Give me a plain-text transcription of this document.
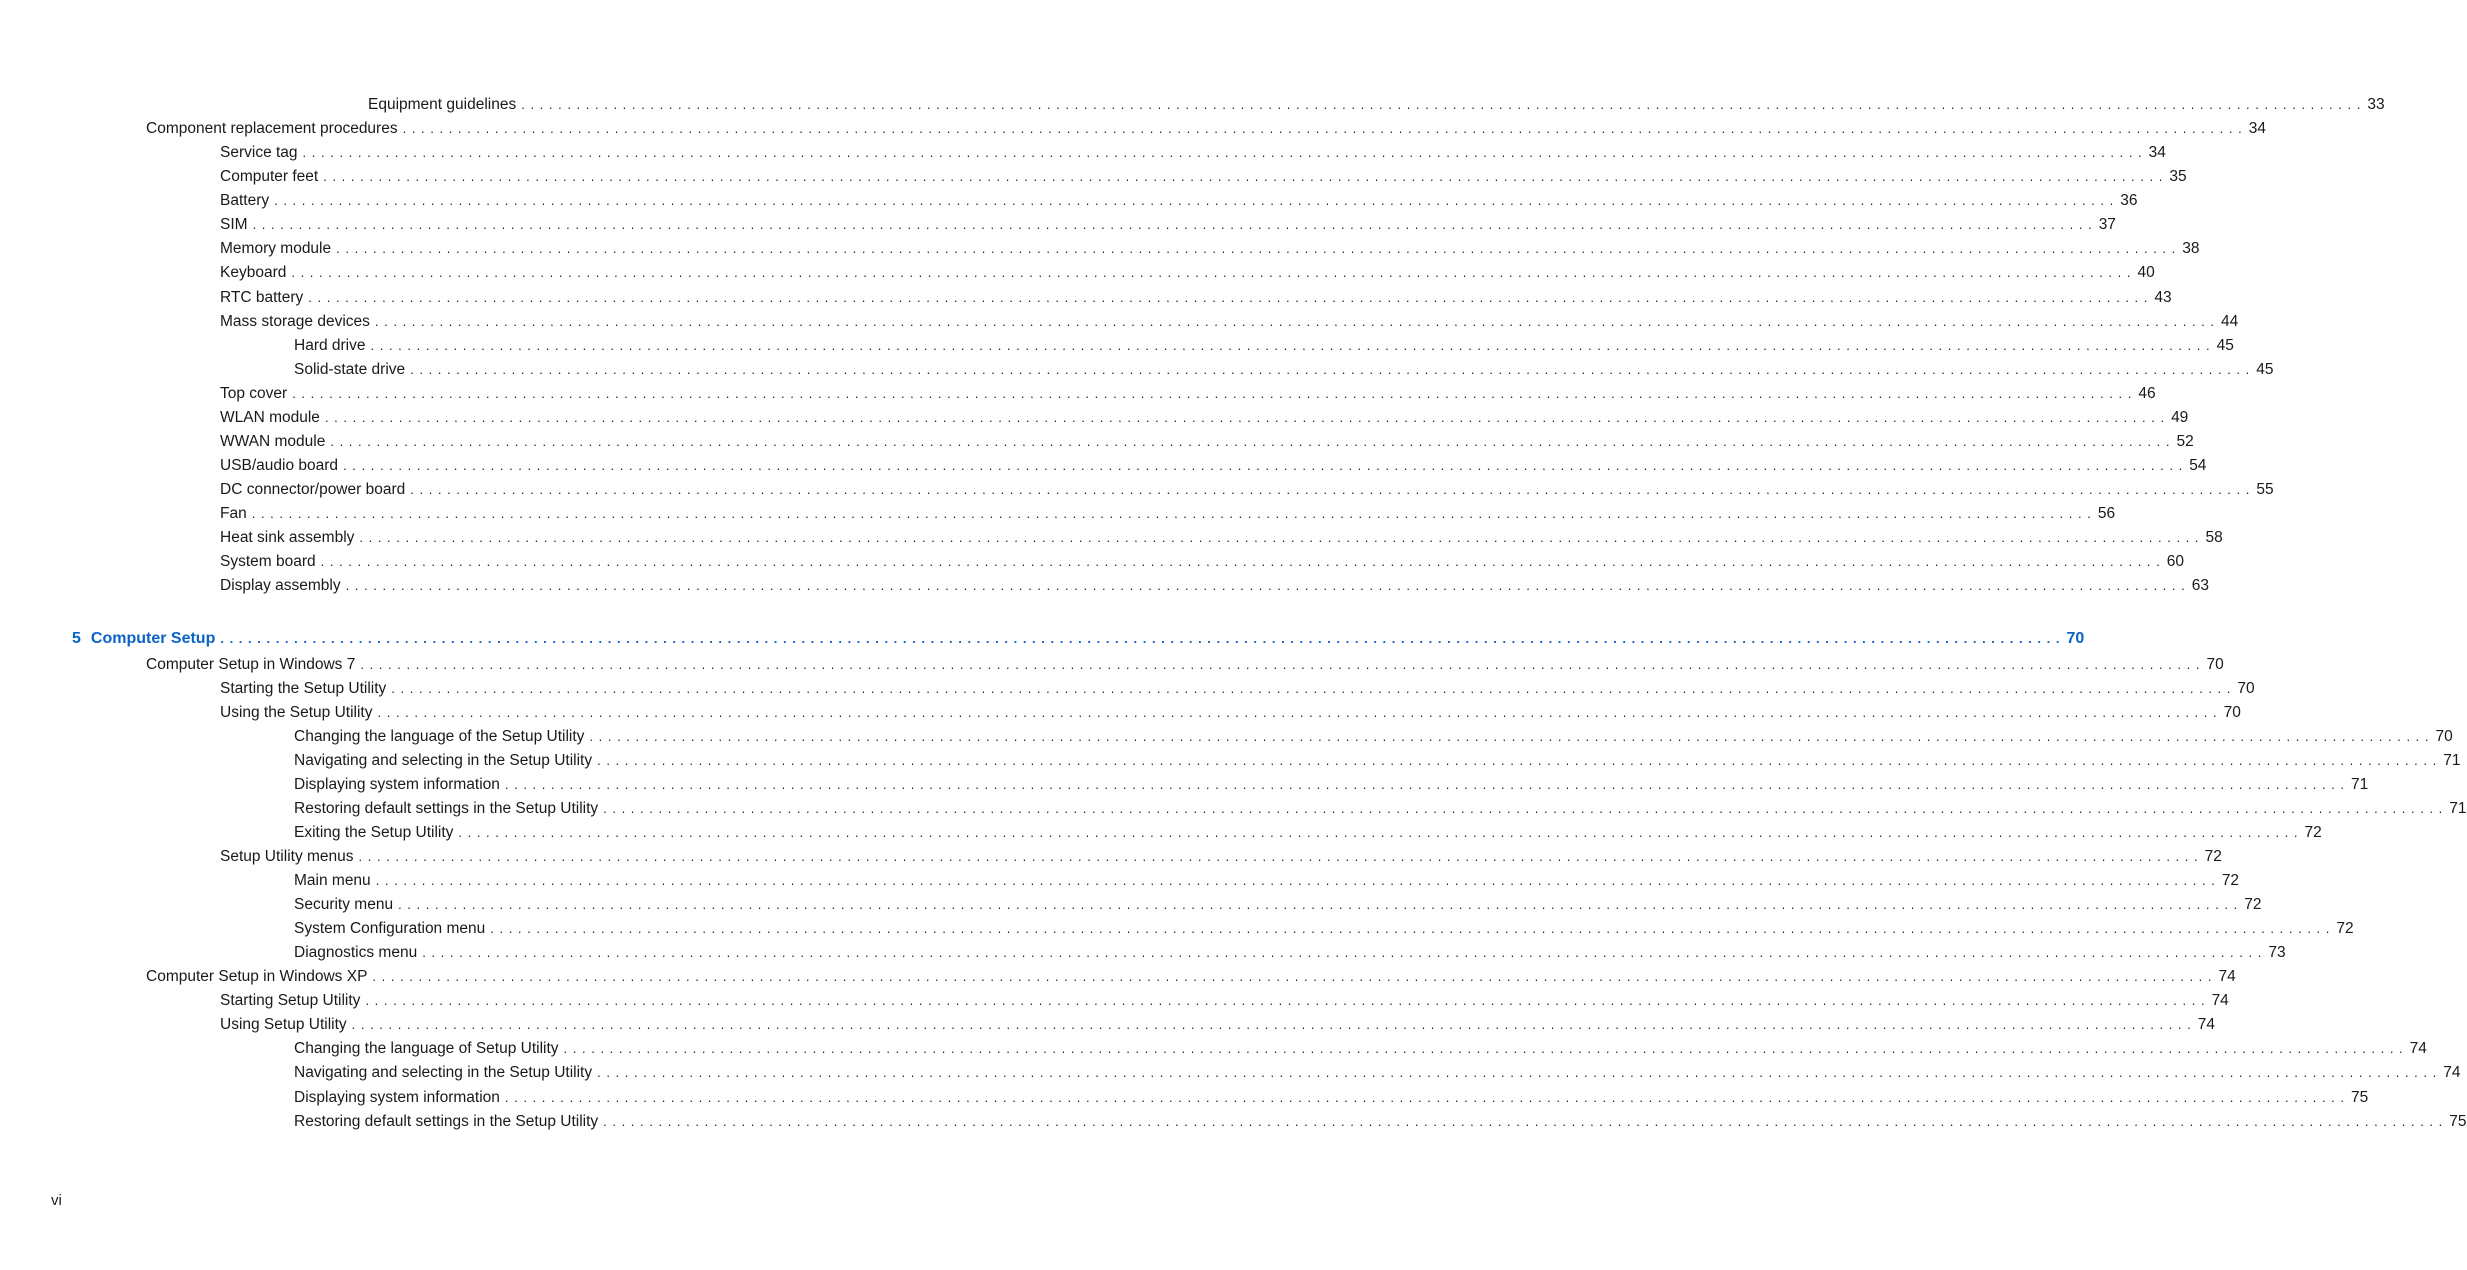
Equipment guidelines . . . . . . . . . . . . . . . . . . . . . . . . . . . . . . . . . . . . . . . . . . . . . . . . . . . . . . . . . . . . . . . . . . . . . . . . . . . . . . . . . . . . . . . . . . . . . . . . . . . . . . . . . . . . . . . . . . . . . . . . . . . . . . . . . . . . . . . . . . . . . . . . . . . . . . . . . . . . . . . . . . . . . . . . . . . . . . . . . . . . . . . . . . . . . . . . . . . . . . . . 33
Component replacement procedures . . . . . . . . . . . . . . . . . . . . . . . . . . . . . . . . . . . . . . . . . . . . . . . . . . . . . . . . . . . . . . . . . . . . . . . . . . . . . . . . . . . . . . . . . . . . . . . . . . . . . . . . . . . . . . . . . . . . . . . . . . . . . . . . . . . . . . . . . . . . . . . . . . . . . . . . . . . . . . . . . . . . . . . . . . . . . . . . . . . . . . . . . . . . . . . . . . . . . . . . 34
Service tag . . . . . . . . . . . . . . . . . . . . . . . . . . . . . . . . . . . . . . . . . . . . . . . . . . . . . . . . . . . . . . . . . . . . . . . . . . . . . . . . . . . . . . . . . . . . . . . . . . . . . . . . . . . . . . . . . . . . . . . . . . . . . . . . . . . . . . . . . . . . . . . . . . . . . . . . . . . . . . . . . . . . . . . . . . . . . . . . . . . . . . . . . . . . . . . . . . . . . . . . 34
Computer feet . . . . . . . . . . . . . . . . . . . . . . . . . . . . . . . . . . . . . . . . . . . . . . . . . . . . . . . . . . . . . . . . . . . . . . . . . . . . . . . . . . . . . . . . . . . . . . . . . . . . . . . . . . . . . . . . . . . . . . . . . . . . . . . . . . . . . . . . . . . . . . . . . . . . . . . . . . . . . . . . . . . . . . . . . . . . . . . . . . . . . . . . . . . . . . . . . . . . . . . . 35
Battery . . . . . . . . . . . . . . . . . . . . . . . . . . . . . . . . . . . . . . . . . . . . . . . . . . . . . . . . . . . . . . . . . . . . . . . . . . . . . . . . . . . . . . . . . . . . . . . . . . . . . . . . . . . . . . . . . . . . . . . . . . . . . . . . . . . . . . . . . . . . . . . . . . . . . . . . . . . . . . . . . . . . . . . . . . . . . . . . . . . . . . . . . . . . . . . . . . . . . . . . 36
SIM . . . . . . . . . . . . . . . . . . . . . . . . . . . . . . . . . . . . . . . . . . . . . . . . . . . . . . . . . . . . . . . . . . . . . . . . . . . . . . . . . . . . . . . . . . . . . . . . . . . . . . . . . . . . . . . . . . . . . . . . . . . . . . . . . . . . . . . . . . . . . . . . . . . . . . . . . . . . . . . . . . . . . . . . . . . . . . . . . . . . . . . . . . . . . . . . . . . . . . . . 37
Memory module . . . . . . . . . . . . . . . . . . . . . . . . . . . . . . . . . . . . . . . . . . . . . . . . . . . . . . . . . . . . . . . . . . . . . . . . . . . . . . . . . . . . . . . . . . . . . . . . . . . . . . . . . . . . . . . . . . . . . . . . . . . . . . . . . . . . . . . . . . . . . . . . . . . . . . . . . . . . . . . . . . . . . . . . . . . . . . . . . . . . . . . . . . . . . . . . . . . . . . . . 38
Keyboard . . . . . . . . . . . . . . . . . . . . . . . . . . . . . . . . . . . . . . . . . . . . . . . . . . . . . . . . . . . . . . . . . . . . . . . . . . . . . . . . . . . . . . . . . . . . . . . . . . . . . . . . . . . . . . . . . . . . . . . . . . . . . . . . . . . . . . . . . . . . . . . . . . . . . . . . . . . . . . . . . . . . . . . . . . . . . . . . . . . . . . . . . . . . . . . . . . . . . . . . 40
RTC battery . . . . . . . . . . . . . . . . . . . . . . . . . . . . . . . . . . . . . . . . . . . . . . . . . . . . . . . . . . . . . . . . . . . . . . . . . . . . . . . . . . . . . . . . . . . . . . . . . . . . . . . . . . . . . . . . . . . . . . . . . . . . . . . . . . . . . . . . . . . . . . . . . . . . . . . . . . . . . . . . . . . . . . . . . . . . . . . . . . . . . . . . . . . . . . . . . . . . . . . . 43
Mass storage devices . . . . . . . . . . . . . . . . . . . . . . . . . . . . . . . . . . . . . . . . . . . . . . . . . . . . . . . . . . . . . . . . . . . . . . . . . . . . . . . . . . . . . . . . . . . . . . . . . . . . . . . . . . . . . . . . . . . . . . . . . . . . . . . . . . . . . . . . . . . . . . . . . . . . . . . . . . . . . . . . . . . . . . . . . . . . . . . . . . . . . . . . . . . . . . . . . . . . . . . . 44
Hard drive . . . . . . . . . . . . . . . . . . . . . . . . . . . . . . . . . . . . . . . . . . . . . . . . . . . . . . . . . . . . . . . . . . . . . . . . . . . . . . . . . . . . . . . . . . . . . . . . . . . . . . . . . . . . . . . . . . . . . . . . . . . . . . . . . . . . . . . . . . . . . . . . . . . . . . . . . . . . . . . . . . . . . . . . . . . . . . . . . . . . . . . . . . . . . . . . . . . . . . . . 45
Solid-state drive . . . . . . . . . . . . . . . . . . . . . . . . . . . . . . . . . . . . . . . . . . . . . . . . . . . . . . . . . . . . . . . . . . . . . . . . . . . . . . . . . . . . . . . . . . . . . . . . . . . . . . . . . . . . . . . . . . . . . . . . . . . . . . . . . . . . . . . . . . . . . . . . . . . . . . . . . . . . . . . . . . . . . . . . . . . . . . . . . . . . . . . . . . . . . . . . . . . . . . . . 45
Top cover . . . . . . . . . . . . . . . . . . . . . . . . . . . . . . . . . . . . . . . . . . . . . . . . . . . . . . . . . . . . . . . . . . . . . . . . . . . . . . . . . . . . . . . . . . . . . . . . . . . . . . . . . . . . . . . . . . . . . . . . . . . . . . . . . . . . . . . . . . . . . . . . . . . . . . . . . . . . . . . . . . . . . . . . . . . . . . . . . . . . . . . . . . . . . . . . . . . . . . . . 46
WLAN module . . . . . . . . . . . . . . . . . . . . . . . . . . . . . . . . . . . . . . . . . . . . . . . . . . . . . . . . . . . . . . . . . . . . . . . . . . . . . . . . . . . . . . . . . . . . . . . . . . . . . . . . . . . . . . . . . . . . . . . . . . . . . . . . . . . . . . . . . . . . . . . . . . . . . . . . . . . . . . . . . . . . . . . . . . . . . . . . . . . . . . . . . . . . . . . . . . . . . . . . 49
WWAN module . . . . . . . . . . . . . . . . . . . . . . . . . . . . . . . . . . . . . . . . . . . . . . . . . . . . . . . . . . . . . . . . . . . . . . . . . . . . . . . . . . . . . . . . . . . . . . . . . . . . . . . . . . . . . . . . . . . . . . . . . . . . . . . . . . . . . . . . . . . . . . . . . . . . . . . . . . . . . . . . . . . . . . . . . . . . . . . . . . . . . . . . . . . . . . . . . . . . . . . . 52
USB/audio board . . . . . . . . . . . . . . . . . . . . . . . . . . . . . . . . . . . . . . . . . . . . . . . . . . . . . . . . . . . . . . . . . . . . . . . . . . . . . . . . . . . . . . . . . . . . . . . . . . . . . . . . . . . . . . . . . . . . . . . . . . . . . . . . . . . . . . . . . . . . . . . . . . . . . . . . . . . . . . . . . . . . . . . . . . . . . . . . . . . . . . . . . . . . . . . . . . . . . . . . 54
DC connector/power board . . . . . . . . . . . . . . . . . . . . . . . . . . . . . . . . . . . . . . . . . . . . . . . . . . . . . . . . . . . . . . . . . . . . . . . . . . . . . . . . . . . . . . . . . . . . . . . . . . . . . . . . . . . . . . . . . . . . . . . . . . . . . . . . . . . . . . . . . . . . . . . . . . . . . . . . . . . . . . . . . . . . . . . . . . . . . . . . . . . . . . . . . . . . . . . . . . . . . . . . 55
Fan . . . . . . . . . . . . . . . . . . . . . . . . . . . . . . . . . . . . . . . . . . . . . . . . . . . . . . . . . . . . . . . . . . . . . . . . . . . . . . . . . . . . . . . . . . . . . . . . . . . . . . . . . . . . . . . . . . . . . . . . . . . . . . . . . . . . . . . . . . . . . . . . . . . . . . . . . . . . . . . . . . . . . . . . . . . . . . . . . . . . . . . . . . . . . . . . . . . . . . . . 56
Heat sink assembly . . . . . . . . . . . . . . . . . . . . . . . . . . . . . . . . . . . . . . . . . . . . . . . . . . . . . . . . . . . . . . . . . . . . . . . . . . . . . . . . . . . . . . . . . . . . . . . . . . . . . . . . . . . . . . . . . . . . . . . . . . . . . . . . . . . . . . . . . . . . . . . . . . . . . . . . . . . . . . . . . . . . . . . . . . . . . . . . . . . . . . . . . . . . . . . . . . . . . . . . 58
System board . . . . . . . . . . . . . . . . . . . . . . . . . . . . . . . . . . . . . . . . . . . . . . . . . . . . . . . . . . . . . . . . . . . . . . . . . . . . . . . . . . . . . . . . . . . . . . . . . . . . . . . . . . . . . . . . . . . . . . . . . . . . . . . . . . . . . . . . . . . . . . . . . . . . . . . . . . . . . . . . . . . . . . . . . . . . . . . . . . . . . . . . . . . . . . . . . . . . . . . . 60
Display assembly . . . . . . . . . . . . . . . . . . . . . . . . . . . . . . . . . . . . . . . . . . . . . . . . . . . . . . . . . . . . . . . . . . . . . . . . . . . . . . . . . . . . . . . . . . . . . . . . . . . . . . . . . . . . . . . . . . . . . . . . . . . . . . . . . . . . . . . . . . . . . . . . . . . . . . . . . . . . . . . . . . . . . . . . . . . . . . . . . . . . . . . . . . . . . . . . . . . . . . . . 63
5 Computer Setup . . . . . . . . . . . . . . . . . . . . . . . . . . . . . . . . . . . . . . . . . . . . . . . . . . . . . . . . . . . . . . . . . . . . . . . . . . . . . . . . . . . . . . . . . . . . . . . . . . . . . . . . . . . . . . . . . . . . . . . . . . . . . . . . . . . . . . . . . . . . . . . . . . . . . . . . . . . . . . . . . . . . . . . . . . . . . . . . . . . . . . . . . . . . . . . . . . . . . . . . 70
Computer Setup in Windows 7 . . . . . . . . . . . . . . . . . . . . . . . . . . . . . . . . . . . . . . . . . . . . . . . . . . . . . . . . . . . . . . . . . . . . . . . . . . . . . . . . . . . . . . . . . . . . . . . . . . . . . . . . . . . . . . . . . . . . . . . . . . . . . . . . . . . . . . . . . . . . . . . . . . . . . . . . . . . . . . . . . . . . . . . . . . . . . . . . . . . . . . . . . . . . . . . . . . . . . . . . 70
Starting the Setup Utility . . . . . . . . . . . . . . . . . . . . . . . . . . . . . . . . . . . . . . . . . . . . . . . . . . . . . . . . . . . . . . . . . . . . . . . . . . . . . . . . . . . . . . . . . . . . . . . . . . . . . . . . . . . . . . . . . . . . . . . . . . . . . . . . . . . . . . . . . . . . . . . . . . . . . . . . . . . . . . . . . . . . . . . . . . . . . . . . . . . . . . . . . . . . . . . . . . . . . . . . 70
Using the Setup Utility . . . . . . . . . . . . . . . . . . . . . . . . . . . . . . . . . . . . . . . . . . . . . . . . . . . . . . . . . . . . . . . . . . . . . . . . . . . . . . . . . . . . . . . . . . . . . . . . . . . . . . . . . . . . . . . . . . . . . . . . . . . . . . . . . . . . . . . . . . . . . . . . . . . . . . . . . . . . . . . . . . . . . . . . . . . . . . . . . . . . . . . . . . . . . . . . . . . . . . . . 70
Changing the language of the Setup Utility . . . . . . . . . . . . . . . . . . . . . . . . . . . . . . . . . . . . . . . . . . . . . . . . . . . . . . . . . . . . . . . . . . . . . . . . . . . . . . . . . . . . . . . . . . . . . . . . . . . . . . . . . . . . . . . . . . . . . . . . . . . . . . . . . . . . . . . . . . . . . . . . . . . . . . . . . . . . . . . . . . . . . . . . . . . . . . . . . . . . . . . . . . . . . . . . . . . . . . . . 70
Navigating and selecting in the Setup Utility . . . . . . . . . . . . . . . . . . . . . . . . . . . . . . . . . . . . . . . . . . . . . . . . . . . . . . . . . . . . . . . . . . . . . . . . . . . . . . . . . . . . . . . . . . . . . . . . . . . . . . . . . . . . . . . . . . . . . . . . . . . . . . . . . . . . . . . . . . . . . . . . . . . . . . . . . . . . . . . . . . . . . . . . . . . . . . . . . . . . . . . . . . . . . . . . . . . . . . . . 71
Displaying system information . . . . . . . . . . . . . . . . . . . . . . . . . . . . . . . . . . . . . . . . . . . . . . . . . . . . . . . . . . . . . . . . . . . . . . . . . . . . . . . . . . . . . . . . . . . . . . . . . . . . . . . . . . . . . . . . . . . . . . . . . . . . . . . . . . . . . . . . . . . . . . . . . . . . . . . . . . . . . . . . . . . . . . . . . . . . . . . . . . . . . . . . . . . . . . . . . . . . . . . . 71
Restoring default settings in the Setup Utility . . . . . . . . . . . . . . . . . . . . . . . . . . . . . . . . . . . . . . . . . . . . . . . . . . . . . . . . . . . . . . . . . . . . . . . . . . . . . . . . . . . . . . . . . . . . . . . . . . . . . . . . . . . . . . . . . . . . . . . . . . . . . . . . . . . . . . . . . . . . . . . . . . . . . . . . . . . . . . . . . . . . . . . . . . . . . . . . . . . . . . . . . . . . . . . . . . . . . . . . 71
Exiting the Setup Utility . . . . . . . . . . . . . . . . . . . . . . . . . . . . . . . . . . . . . . . . . . . . . . . . . . . . . . . . . . . . . . . . . . . . . . . . . . . . . . . . . . . . . . . . . . . . . . . . . . . . . . . . . . . . . . . . . . . . . . . . . . . . . . . . . . . . . . . . . . . . . . . . . . . . . . . . . . . . . . . . . . . . . . . . . . . . . . . . . . . . . . . . . . . . . . . . . . . . . . . . 72
Setup Utility menus . . . . . . . . . . . . . . . . . . . . . . . . . . . . . . . . . . . . . . . . . . . . . . . . . . . . . . . . . . . . . . . . . . . . . . . . . . . . . . . . . . . . . . . . . . . . . . . . . . . . . . . . . . . . . . . . . . . . . . . . . . . . . . . . . . . . . . . . . . . . . . . . . . . . . . . . . . . . . . . . . . . . . . . . . . . . . . . . . . . . . . . . . . . . . . . . . . . . . . . . 72
Main menu . . . . . . . . . . . . . . . . . . . . . . . . . . . . . . . . . . . . . . . . . . . . . . . . . . . . . . . . . . . . . . . . . . . . . . . . . . . . . . . . . . . . . . . . . . . . . . . . . . . . . . . . . . . . . . . . . . . . . . . . . . . . . . . . . . . . . . . . . . . . . . . . . . . . . . . . . . . . . . . . . . . . . . . . . . . . . . . . . . . . . . . . . . . . . . . . . . . . . . . . 72
Security menu . . . . . . . . . . . . . . . . . . . . . . . . . . . . . . . . . . . . . . . . . . . . . . . . . . . . . . . . . . . . . . . . . . . . . . . . . . . . . . . . . . . . . . . . . . . . . . . . . . . . . . . . . . . . . . . . . . . . . . . . . . . . . . . . . . . . . . . . . . . . . . . . . . . . . . . . . . . . . . . . . . . . . . . . . . . . . . . . . . . . . . . . . . . . . . . . . . . . . . . . 72
System Configuration menu . . . . . . . . . . . . . . . . . . . . . . . . . . . . . . . . . . . . . . . . . . . . . . . . . . . . . . . . . . . . . . . . . . . . . . . . . . . . . . . . . . . . . . . . . . . . . . . . . . . . . . . . . . . . . . . . . . . . . . . . . . . . . . . . . . . . . . . . . . . . . . . . . . . . . . . . . . . . . . . . . . . . . . . . . . . . . . . . . . . . . . . . . . . . . . . . . . . . . . . . 72
Diagnostics menu . . . . . . . . . . . . . . . . . . . . . . . . . . . . . . . . . . . . . . . . . . . . . . . . . . . . . . . . . . . . . . . . . . . . . . . . . . . . . . . . . . . . . . . . . . . . . . . . . . . . . . . . . . . . . . . . . . . . . . . . . . . . . . . . . . . . . . . . . . . . . . . . . . . . . . . . . . . . . . . . . . . . . . . . . . . . . . . . . . . . . . . . . . . . . . . . . . . . . . . . 73
Computer Setup in Windows XP . . . . . . . . . . . . . . . . . . . . . . . . . . . . . . . . . . . . . . . . . . . . . . . . . . . . . . . . . . . . . . . . . . . . . . . . . . . . . . . . . . . . . . . . . . . . . . . . . . . . . . . . . . . . . . . . . . . . . . . . . . . . . . . . . . . . . . . . . . . . . . . . . . . . . . . . . . . . . . . . . . . . . . . . . . . . . . . . . . . . . . . . . . . . . . . . . . . . . . . . 74
Starting Setup Utility . . . . . . . . . . . . . . . . . . . . . . . . . . . . . . . . . . . . . . . . . . . . . . . . . . . . . . . . . . . . . . . . . . . . . . . . . . . . . . . . . . . . . . . . . . . . . . . . . . . . . . . . . . . . . . . . . . . . . . . . . . . . . . . . . . . . . . . . . . . . . . . . . . . . . . . . . . . . . . . . . . . . . . . . . . . . . . . . . . . . . . . . . . . . . . . . . . . . . . . . 74
Using Setup Utility . . . . . . . . . . . . . . . . . . . . . . . . . . . . . . . . . . . . . . . . . . . . . . . . . . . . . . . . . . . . . . . . . . . . . . . . . . . . . . . . . . . . . . . . . . . . . . . . . . . . . . . . . . . . . . . . . . . . . . . . . . . . . . . . . . . . . . . . . . . . . . . . . . . . . . . . . . . . . . . . . . . . . . . . . . . . . . . . . . . . . . . . . . . . . . . . . . . . . . . . 74
Changing the language of Setup Utility . . . . . . . . . . . . . . . . . . . . . . . . . . . . . . . . . . . . . . . . . . . . . . . . . . . . . . . . . . . . . . . . . . . . . . . . . . . . . . . . . . . . . . . . . . . . . . . . . . . . . . . . . . . . . . . . . . . . . . . . . . . . . . . . . . . . . . . . . . . . . . . . . . . . . . . . . . . . . . . . . . . . . . . . . . . . . . . . . . . . . . . . . . . . . . . . . . . . . . . . 74
Navigating and selecting in the Setup Utility . . . . . . . . . . . . . . . . . . . . . . . . . . . . . . . . . . . . . . . . . . . . . . . . . . . . . . . . . . . . . . . . . . . . . . . . . . . . . . . . . . . . . . . . . . . . . . . . . . . . . . . . . . . . . . . . . . . . . . . . . . . . . . . . . . . . . . . . . . . . . . . . . . . . . . . . . . . . . . . . . . . . . . . . . . . . . . . . . . . . . . . . . . . . . . . . . . . . . . . . 74
Displaying system information . . . . . . . . . . . . . . . . . . . . . . . . . . . . . . . . . . . . . . . . . . . . . . . . . . . . . . . . . . . . . . . . . . . . . . . . . . . . . . . . . . . . . . . . . . . . . . . . . . . . . . . . . . . . . . . . . . . . . . . . . . . . . . . . . . . . . . . . . . . . . . . . . . . . . . . . . . . . . . . . . . . . . . . . . . . . . . . . . . . . . . . . . . . . . . . . . . . . . . . . 75
Restoring default settings in the Setup Utility . . . . . . . . . . . . . . . . . . . . . . . . . . . . . . . . . . . . . . . . . . . . . . . . . . . . . . . . . . . . . . . . . . . . . . . . . . . . . . . . . . . . . . . . . . . . . . . . . . . . . . . . . . . . . . . . . . . . . . . . . . . . . . . . . . . . . . . . . . . . . . . . . . . . . . . . . . . . . . . . . . . . . . . . . . . . . . . . . . . . . . . . . . . . . . . . . . . . . . . . 75
vi
